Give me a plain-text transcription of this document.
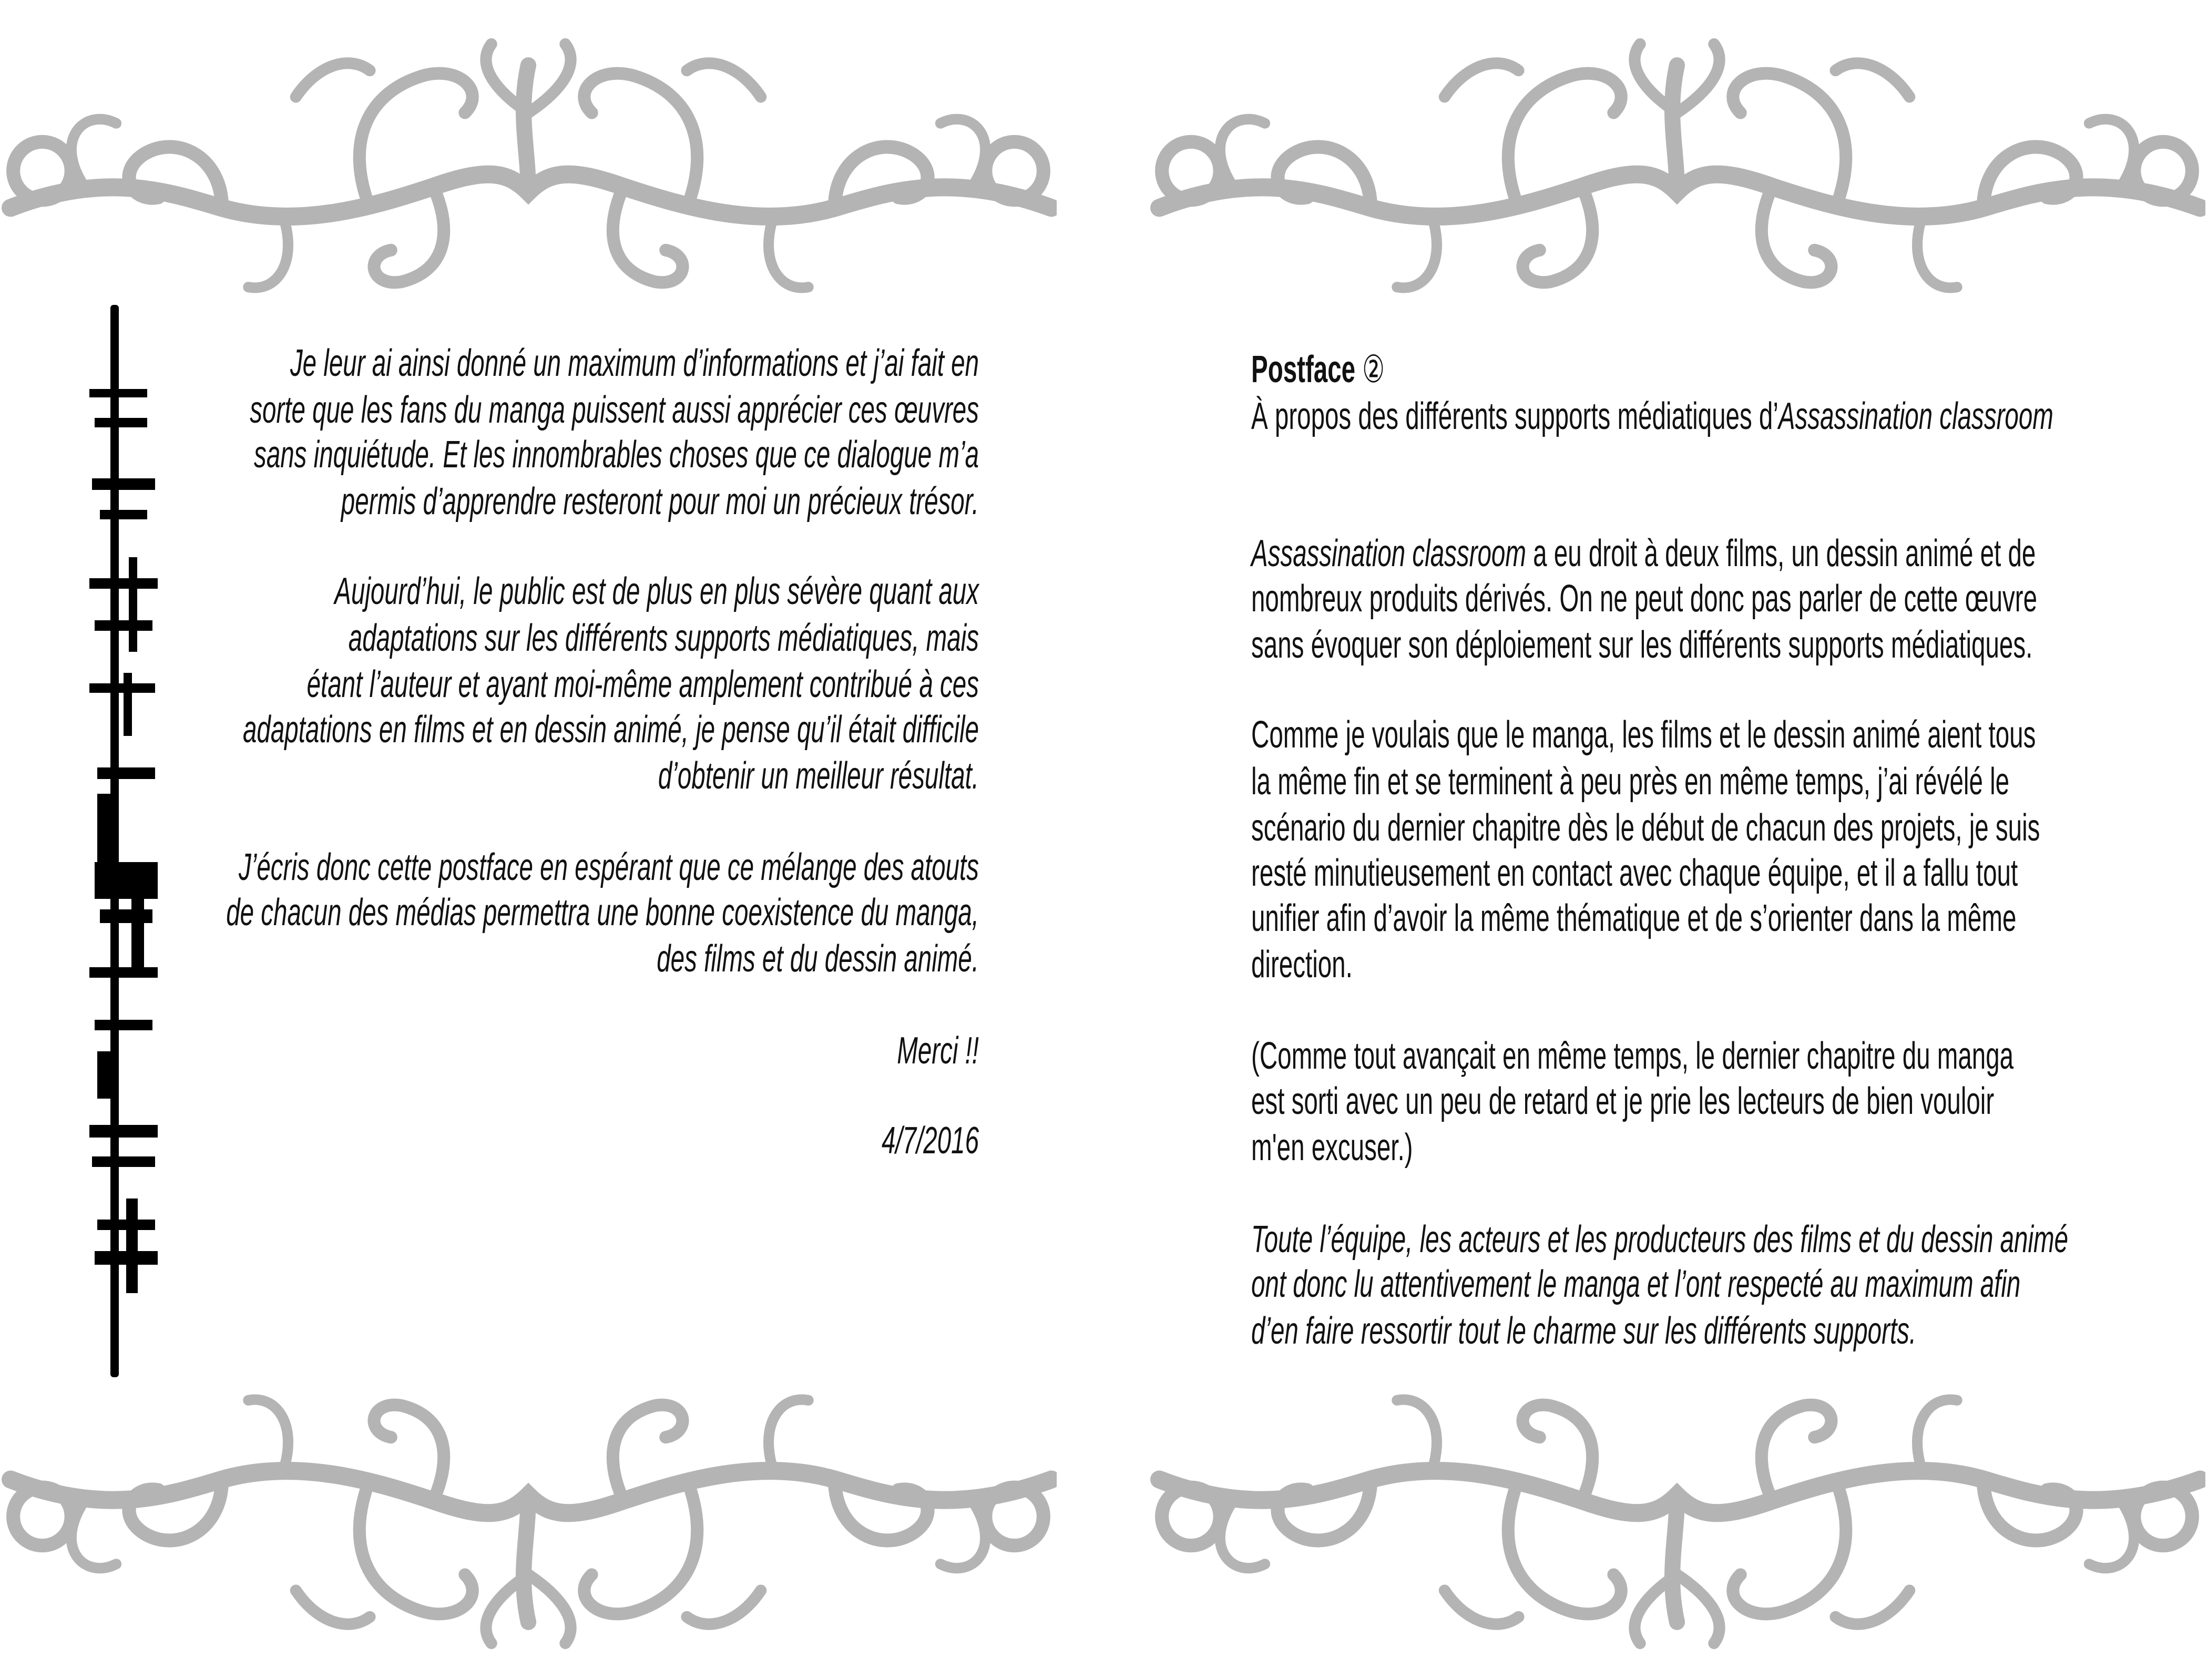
Je leur ai ainsi donné un maximum d’informations et j’ai fait en
sorte que les fans du manga puissent aussi apprécier ces œuvres
sans inquiétude. Et les innombrables choses que ce dialogue m’a
permis d’apprendre resteront pour moi un précieux trésor.
Aujourd’hui, le public est de plus en plus sévère quant aux
adaptations sur les différents supports médiatiques, mais
étant l’auteur et ayant moi-même amplement contribué à ces
adaptations en films et en dessin animé, je pense qu’il était difficile
d’obtenir un meilleur résultat.
J’écris donc cette postface en espérant que ce mélange des atouts
de chacun des médias permettra une bonne coexistence du manga,
des films et du dessin animé.
Merci !!
4/7/2016
Postface ②
À propos des différents supports médiatiques d’Assassination classroom
Assassination classroom a eu droit à deux films, un dessin animé et de
nombreux produits dérivés. On ne peut donc pas parler de cette œuvre
sans évoquer son déploiement sur les différents supports médiatiques.
Comme je voulais que le manga, les films et le dessin animé aient tous
la même fin et se terminent à peu près en même temps, j’ai révélé le
scénario du dernier chapitre dès le début de chacun des projets, je suis
resté minutieusement en contact avec chaque équipe, et il a fallu tout
unifier afin d’avoir la même thématique et de s’orienter dans la même
direction.
(Comme tout avançait en même temps, le dernier chapitre du manga
est sorti avec un peu de retard et je prie les lecteurs de bien vouloir
m'en excuser.)
Toute l’équipe, les acteurs et les producteurs des films et du dessin animé
ont donc lu attentivement le manga et l’ont respecté au maximum afin
d’en faire ressortir tout le charme sur les différents supports.
